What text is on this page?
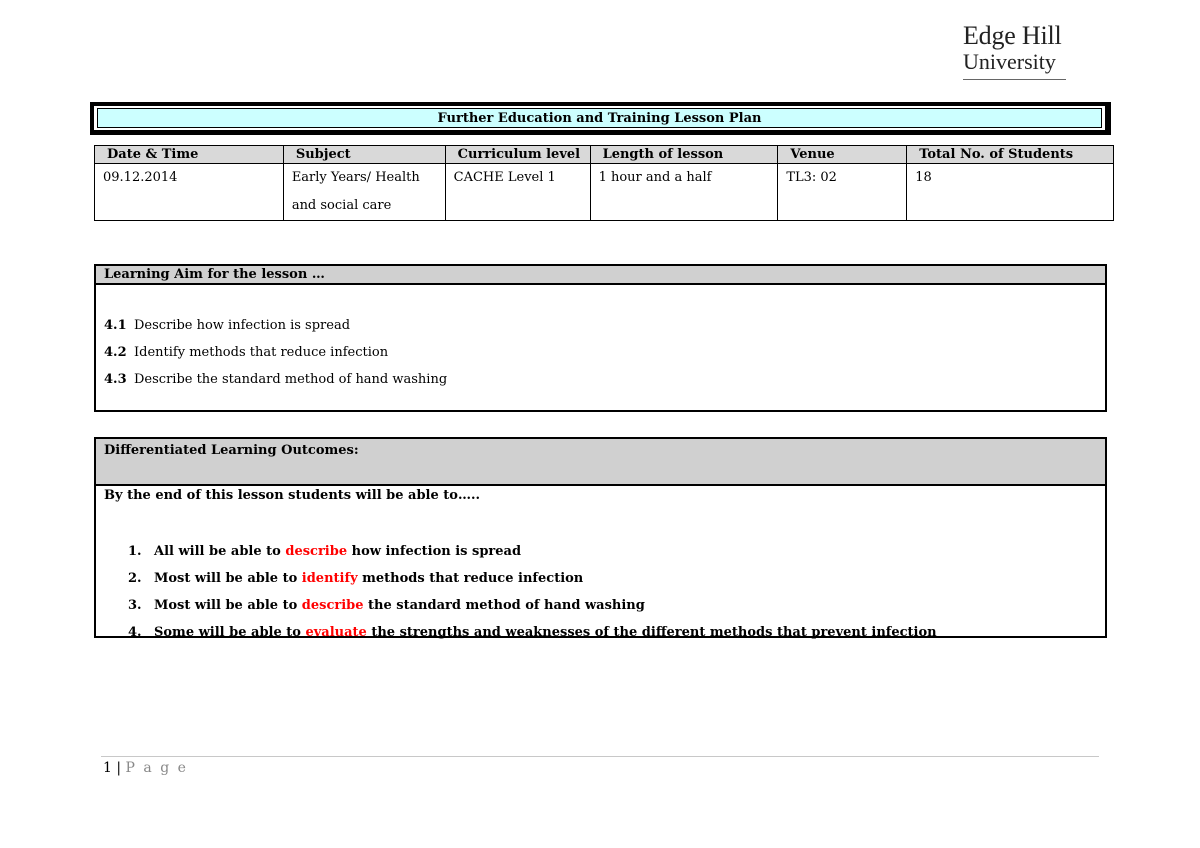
Edge Hill
University
Further Education and Training Lesson Plan
Date & Time	Subject	Curriculum level	Length of lesson	Venue	Total No. of Students
09.12.2014	Early Years/ Health and social care	CACHE Level 1	1 hour and a half	TL3: 02	18
Learning Aim for the lesson …
4.1 Describe how infection is spread
4.2 Identify methods that reduce infection
4.3 Describe the standard method of hand washing
Differentiated Learning Outcomes:
By the end of this lesson students will be able to…..
1. All will be able to describe how infection is spread
2. Most will be able to identify methods that reduce infection
3. Most will be able to describe the standard method of hand washing
4. Some will be able to evaluate the strengths and weaknesses of the different methods that prevent infection
1 | P a g e
